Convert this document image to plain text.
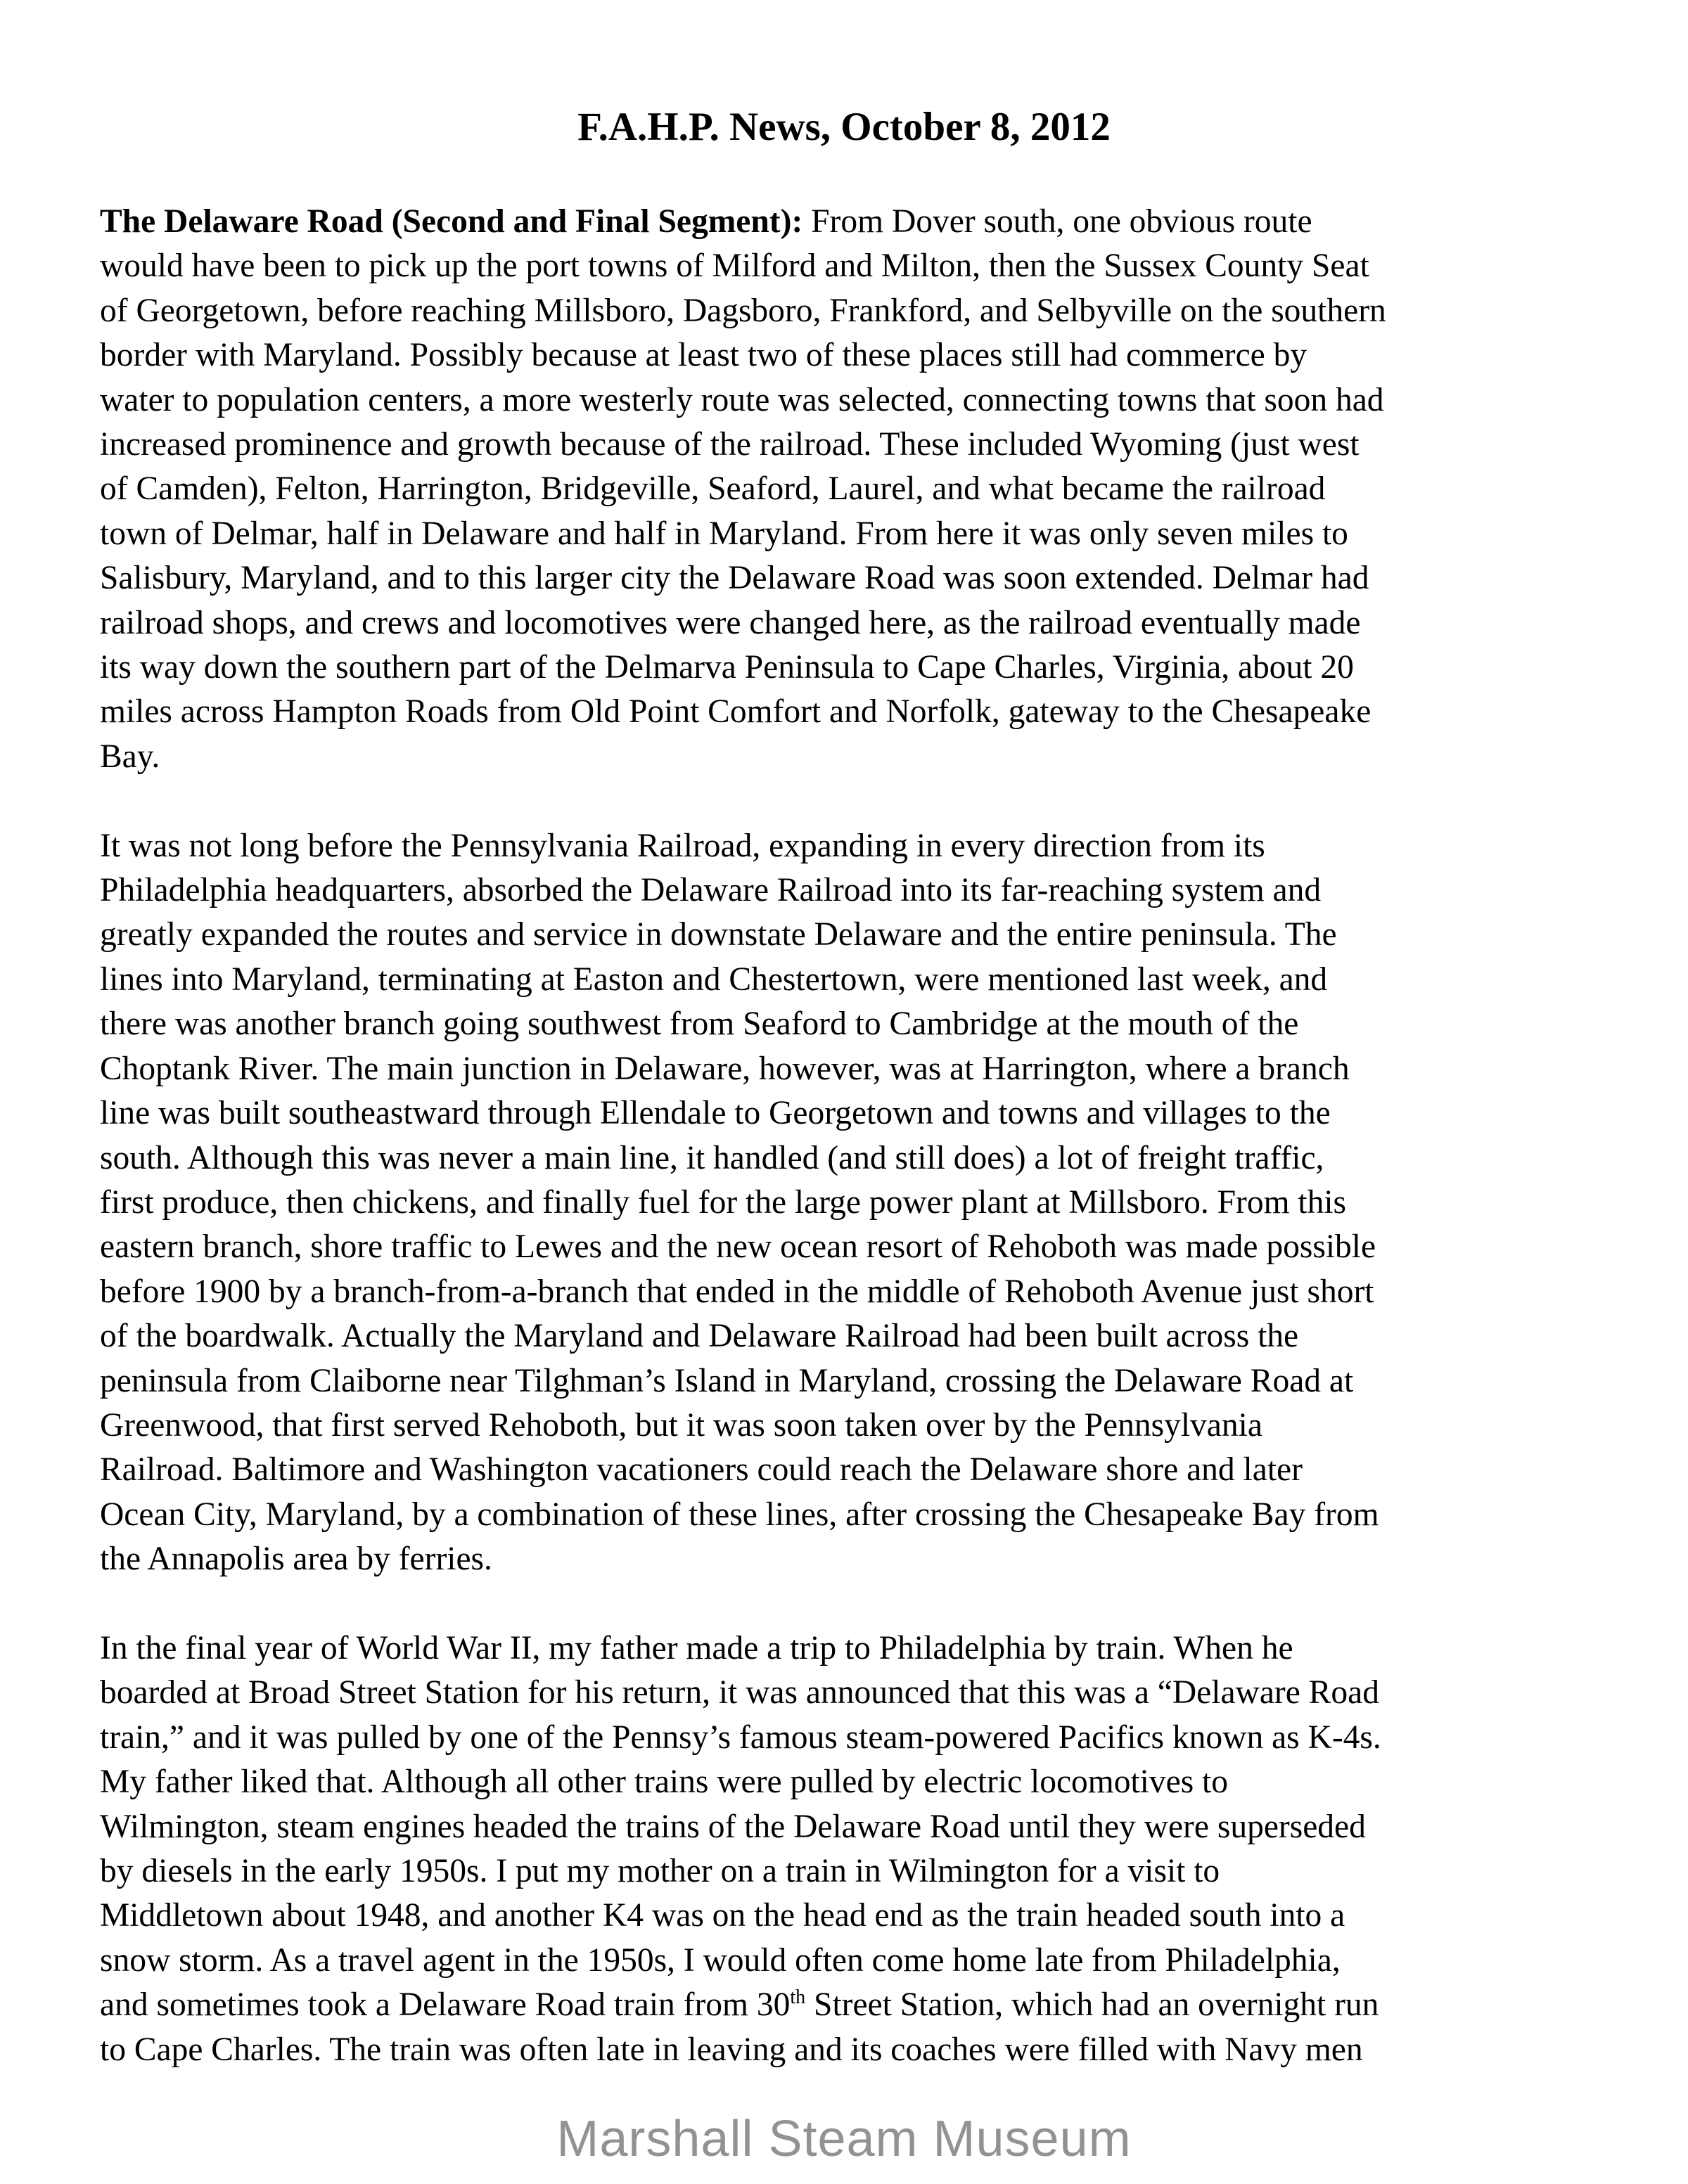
F.A.H.P. News, October 8, 2012
The Delaware Road (Second and Final Segment): From Dover south, one obvious route
would have been to pick up the port towns of Milford and Milton, then the Sussex County Seat
of Georgetown, before reaching Millsboro, Dagsboro, Frankford, and Selbyville on the southern
border with Maryland. Possibly because at least two of these places still had commerce by
water to population centers, a more westerly route was selected, connecting towns that soon had
increased prominence and growth because of the railroad. These included Wyoming (just west
of Camden), Felton, Harrington, Bridgeville, Seaford, Laurel, and what became the railroad
town of Delmar, half in Delaware and half in Maryland. From here it was only seven miles to
Salisbury, Maryland, and to this larger city the Delaware Road was soon extended. Delmar had
railroad shops, and crews and locomotives were changed here, as the railroad eventually made
its way down the southern part of the Delmarva Peninsula to Cape Charles, Virginia, about 20
miles across Hampton Roads from Old Point Comfort and Norfolk, gateway to the Chesapeake
Bay.
It was not long before the Pennsylvania Railroad, expanding in every direction from its
Philadelphia headquarters, absorbed the Delaware Railroad into its far-reaching system and
greatly expanded the routes and service in downstate Delaware and the entire peninsula. The
lines into Maryland, terminating at Easton and Chestertown, were mentioned last week, and
there was another branch going southwest from Seaford to Cambridge at the mouth of the
Choptank River. The main junction in Delaware, however, was at Harrington, where a branch
line was built southeastward through Ellendale to Georgetown and towns and villages to the
south. Although this was never a main line, it handled (and still does) a lot of freight traffic,
first produce, then chickens, and finally fuel for the large power plant at Millsboro. From this
eastern branch, shore traffic to Lewes and the new ocean resort of Rehoboth was made possible
before 1900 by a branch-from-a-branch that ended in the middle of Rehoboth Avenue just short
of the boardwalk. Actually the Maryland and Delaware Railroad had been built across the
peninsula from Claiborne near Tilghman’s Island in Maryland, crossing the Delaware Road at
Greenwood, that first served Rehoboth, but it was soon taken over by the Pennsylvania
Railroad. Baltimore and Washington vacationers could reach the Delaware shore and later
Ocean City, Maryland, by a combination of these lines, after crossing the Chesapeake Bay from
the Annapolis area by ferries.
In the final year of World War II, my father made a trip to Philadelphia by train. When he
boarded at Broad Street Station for his return, it was announced that this was a “Delaware Road
train,” and it was pulled by one of the Pennsy’s famous steam-powered Pacifics known as K-4s.
My father liked that. Although all other trains were pulled by electric locomotives to
Wilmington, steam engines headed the trains of the Delaware Road until they were superseded
by diesels in the early 1950s. I put my mother on a train in Wilmington for a visit to
Middletown about 1948, and another K4 was on the head end as the train headed south into a
snow storm. As a travel agent in the 1950s, I would often come home late from Philadelphia,
and sometimes took a Delaware Road train from 30th Street Station, which had an overnight run
to Cape Charles. The train was often late in leaving and its coaches were filled with Navy men
Marshall Steam Museum
